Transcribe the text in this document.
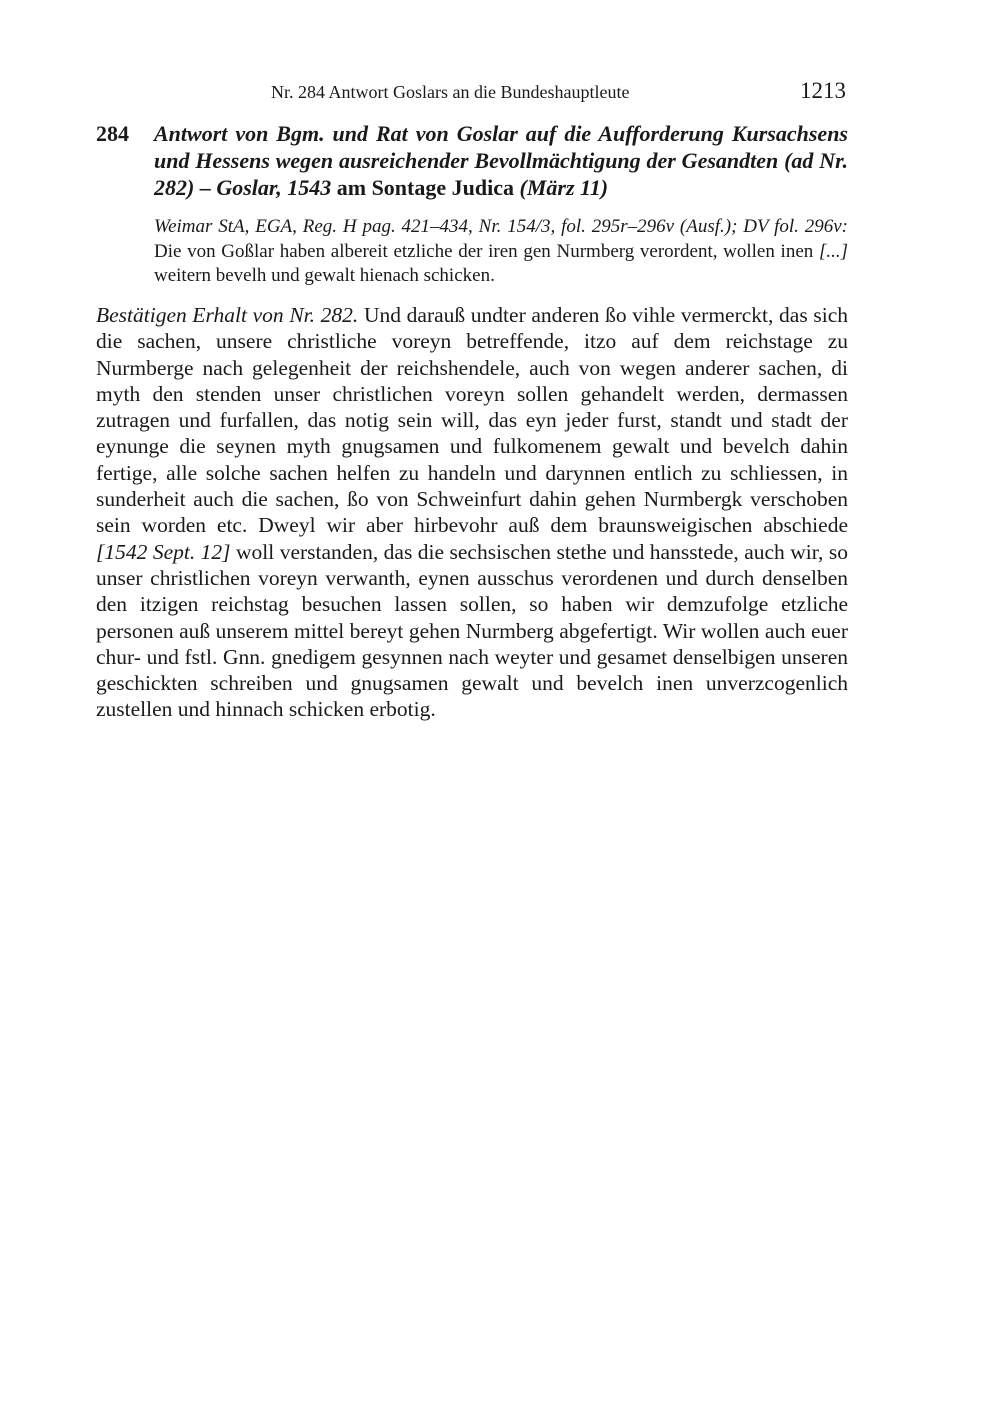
Nr. 284 Antwort Goslars an die Bundeshauptleute	1213
284 Antwort von Bgm. und Rat von Goslar auf die Aufforderung Kursachsens und Hessens wegen ausreichender Bevollmächtigung der Gesandten (ad Nr. 282) – Goslar, 1543 am Sontage Judica (März 11)
Weimar StA, EGA, Reg. H pag. 421–434, Nr. 154/3, fol. 295r–296v (Ausf.); DV fol. 296v: Die von Goßlar haben albereit etzliche der iren gen Nurmberg verordent, wollen inen [...] weitern bevelh und gewalt hienach schicken.
Bestätigen Erhalt von Nr. 282. Und darauß undter anderen ßo vihle vermerckt, das sich die sachen, unsere christliche voreyn betreffende, itzo auf dem reichstage zu Nurmberge nach gelegenheit der reichshendele, auch von wegen anderer sachen, di myth den stenden unser christlichen voreyn sollen gehandelt werden, dermassen zutragen und furfallen, das notig sein will, das eyn jeder furst, standt und stadt der eynunge die seynen myth gnugsamen und fulkomenem gewalt und bevelch dahin fertige, alle solche sachen helfen zu handeln und darynnen entlich zu schliessen, in sunderheit auch die sachen, ßo von Schweinfurt dahin gehen Nurmbergk verschoben sein worden etc. Dweyl wir aber hirbevohr auß dem braunsweigischen abschiede [1542 Sept. 12] woll verstanden, das die sechsischen stethe und hansstede, auch wir, so unser christlichen voreyn verwanth, eynen ausschus verordenen und durch denselben den itzigen reichstag besuchen lassen sollen, so haben wir demzufolge etzliche personen auß unserem mittel bereyt gehen Nurmberg abgefertigt. Wir wollen auch euer chur- und fstl. Gnn. gnedigem gesynnen nach weyter und gesamet denselbigen unseren geschickten schreiben und gnugsamen gewalt und bevelch inen unverzcogenlich zustellen und hinnach schicken erbotig.
